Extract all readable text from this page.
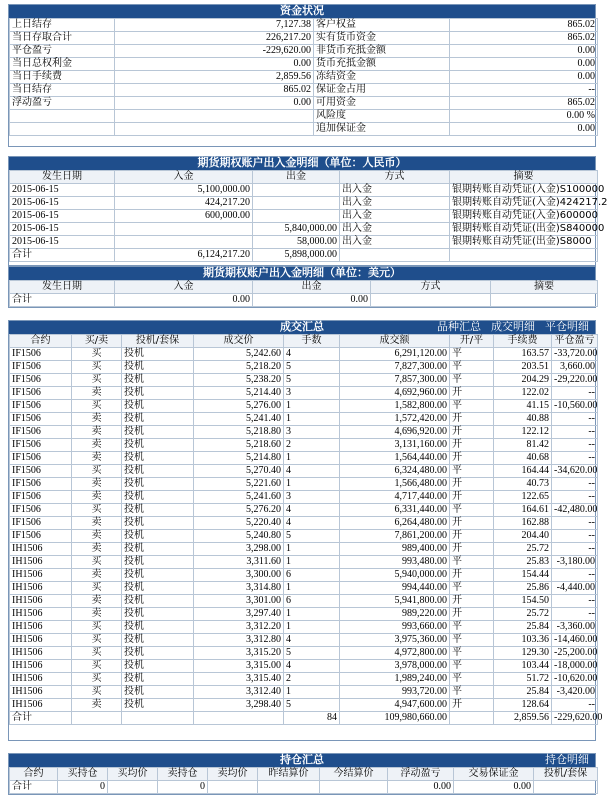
资金状况
上日结存	7,127.38	客户权益	865.02
当日存取合计	226,217.20	实有货币资金	865.02
平仓盈亏	-229,620.00	非货币充抵金额	0.00
当日总权利金	0.00	货币充抵金额	0.00
当日手续费	2,859.56	冻结资金	0.00
当日结存	865.02	保证金占用	--
浮动盈亏	0.00	可用资金	865.02
		风险度	0.00 %
		追加保证金	0.00
期货期权账户出入金明细（单位：人民币）
发生日期	入金	出金	方式	摘要
2015-06-15	5,100,000.00		出入金	银期转账自动凭证(入金)S100000
2015-06-15	424,217.20		出入金	银期转账自动凭证(入金)424217.2
2015-06-15	600,000.00		出入金	银期转账自动凭证(入金)600000
2015-06-15		5,840,000.00	出入金	银期转账自动凭证(出金)S840000
2015-06-15		58,000.00	出入金	银期转账自动凭证(出金)S8000
合计	6,124,217.20	5,898,000.00		
期货期权账户出入金明细（单位：美元）
发生日期	入金	出金	方式	摘要
合计	0.00	0.00		
成交汇总	品种汇总 成交明细 平仓明细
合约	买/卖	投机/套保	成交价	手数	成交额	开/平	手续费	平仓盈亏
IF1506	买	投机	5,242.60	4	6,291,120.00	平	163.57	-33,720.00
IF1506	买	投机	5,218.20	5	7,827,300.00	平	203.51	3,660.00
IF1506	买	投机	5,238.20	5	7,857,300.00	平	204.29	-29,220.00
IF1506	卖	投机	5,214.40	3	4,692,960.00	开	122.02	--
IF1506	买	投机	5,276.00	1	1,582,800.00	平	41.15	-10,560.00
IF1506	卖	投机	5,241.40	1	1,572,420.00	开	40.88	--
IF1506	卖	投机	5,218.80	3	4,696,920.00	开	122.12	--
IF1506	卖	投机	5,218.60	2	3,131,160.00	开	81.42	--
IF1506	卖	投机	5,214.80	1	1,564,440.00	开	40.68	--
IF1506	买	投机	5,270.40	4	6,324,480.00	平	164.44	-34,620.00
IF1506	卖	投机	5,221.60	1	1,566,480.00	开	40.73	--
IF1506	卖	投机	5,241.60	3	4,717,440.00	开	122.65	--
IF1506	买	投机	5,276.20	4	6,331,440.00	平	164.61	-42,480.00
IF1506	卖	投机	5,220.40	4	6,264,480.00	开	162.88	--
IF1506	卖	投机	5,240.80	5	7,861,200.00	开	204.40	--
IH1506	卖	投机	3,298.00	1	989,400.00	开	25.72	--
IH1506	买	投机	3,311.60	1	993,480.00	平	25.83	-3,180.00
IH1506	卖	投机	3,300.00	6	5,940,000.00	开	154.44	--
IH1506	买	投机	3,314.80	1	994,440.00	平	25.86	-4,440.00
IH1506	卖	投机	3,301.00	6	5,941,800.00	开	154.50	--
IH1506	卖	投机	3,297.40	1	989,220.00	开	25.72	--
IH1506	买	投机	3,312.20	1	993,660.00	平	25.84	-3,360.00
IH1506	买	投机	3,312.80	4	3,975,360.00	平	103.36	-14,460.00
IH1506	买	投机	3,315.20	5	4,972,800.00	平	129.30	-25,200.00
IH1506	买	投机	3,315.00	4	3,978,000.00	平	103.44	-18,000.00
IH1506	买	投机	3,315.40	2	1,989,240.00	平	51.72	-10,620.00
IH1506	买	投机	3,312.40	1	993,720.00	平	25.84	-3,420.00
IH1506	卖	投机	3,298.40	5	4,947,600.00	开	128.64	--
合计				84	109,980,660.00		2,859.56	-229,620.00
持仓汇总	持仓明细
合约	买持仓	买均价	卖持仓	卖均价	昨结算价	今结算价	浮动盈亏	交易保证金	投机/套保
合计	0		0				0.00	0.00	
